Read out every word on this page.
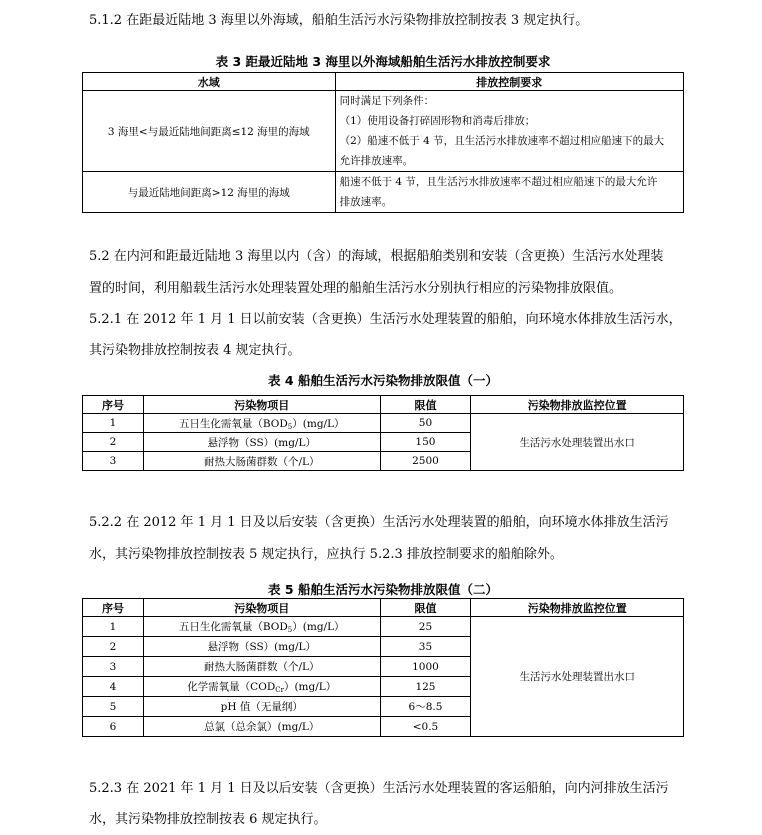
5.1.2 在距最近陆地 3 海里以外海域，船舶生活污水污染物排放控制按表 3 规定执行。

表 3 距最近陆地 3 海里以外海域船舶生活污水排放控制要求
水域	排放控制要求
3 海里<与最近陆地间距离≤12 海里的海域	同时满足下列条件：
（1）使用设备打碎固形物和消毒后排放；
（2）船速不低于 4 节，且生活污水排放速率不超过相应船速下的最大
允许排放速率。

与最近陆地间距离>12 海里的海域	船速不低于 4 节，且生活污水排放速率不超过相应船速下的最大允许
排放速率。

5.2 在内河和距最近陆地 3 海里以内（含）的海域，根据船舶类别和安装（含更换）生活污水处理装

置的时间，利用船载生活污水处理装置处理的船舶生活污水分别执行相应的污染物排放限值。

5.2.1 在 2012 年 1 月 1 日以前安装（含更换）生活污水处理装置的船舶，向环境水体排放生活污水，

其污染物排放控制按表 4 规定执行。

表 4 船舶生活污水污染物排放限值（一）
序号	污染物项目	限值	污染物排放监控位置
1	五日生化需氧量$(BOD_5)(mg/L)$	50	生活污水处理装置出水口
2	悬浮物（SS）(mg/L）	150	
3	耐热大肠菌群数（个/L）	2500	

5.2.2 在 2012 年 1 月 1 日及以后安装（含更换）生活污水处理装置的船舶，向环境水体排放生活污

水，其污染物排放控制按表 5 规定执行，应执行 5.2.3 排放控制要求的船舶除外。

表 5 船舶生活污水污染物排放限值（二）
序号	污染物项目	限值	污染物排放监控位置
1	五日生化需氧量$(BOD_5)(mg/L)$	25	生活污水处理装置出水口
2	悬浮物（SS）(mg/L）	35	
3	耐热大肠菌群数（个/L）	1000	
4	化学需氧量$(COD_{Cr})(mg/L)$	125	
5	pH 值（无量纲）	6～8.5	
6	总氯（总余氯）(mg/L）	<0.5	

5.2.3 在 2021 年 1 月 1 日及以后安装（含更换）生活污水处理装置的客运船舶，向内河排放生活污

水，其污染物排放控制按表 6 规定执行。
